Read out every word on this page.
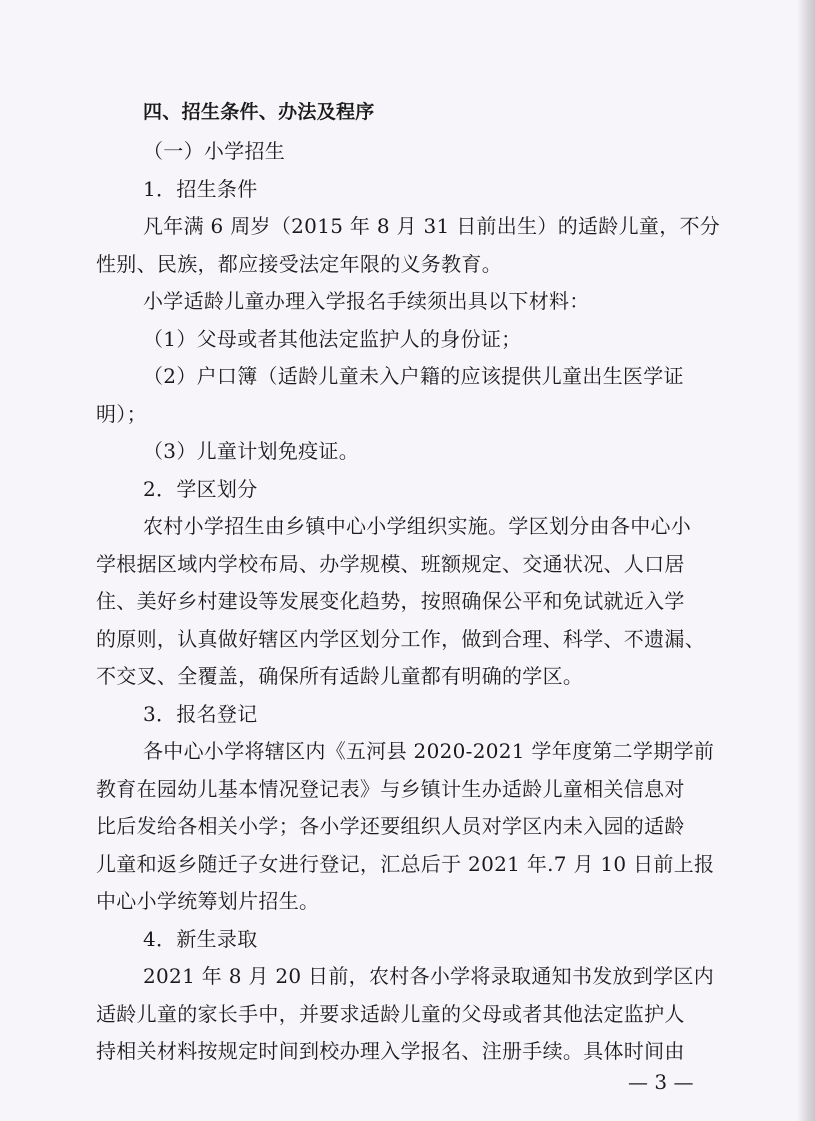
四、招生条件、办法及程序
（一）小学招生
1．招生条件
凡年满 6 周岁（2015 年 8 月 31 日前出生）的适龄儿童，不分
性别、民族，都应接受法定年限的义务教育。
小学适龄儿童办理入学报名手续须出具以下材料：
（1）父母或者其他法定监护人的身份证；
（2）户口簿（适龄儿童未入户籍的应该提供儿童出生医学证
明）；
（3）儿童计划免疫证。
2．学区划分
农村小学招生由乡镇中心小学组织实施。学区划分由各中心小
学根据区域内学校布局、办学规模、班额规定、交通状况、人口居
住、美好乡村建设等发展变化趋势，按照确保公平和免试就近入学
的原则，认真做好辖区内学区划分工作，做到合理、科学、不遗漏、
不交叉、全覆盖，确保所有适龄儿童都有明确的学区。
3．报名登记
各中心小学将辖区内《五河县 2020-2021 学年度第二学期学前
教育在园幼儿基本情况登记表》与乡镇计生办适龄儿童相关信息对
比后发给各相关小学；各小学还要组织人员对学区内未入园的适龄
儿童和返乡随迁子女进行登记，汇总后于 2021 年.7 月 10 日前上报
中心小学统筹划片招生。
4．新生录取
2021 年 8 月 20 日前，农村各小学将录取通知书发放到学区内
适龄儿童的家长手中，并要求适龄儿童的父母或者其他法定监护人
持相关材料按规定时间到校办理入学报名、注册手续。具体时间由
— 3 —
